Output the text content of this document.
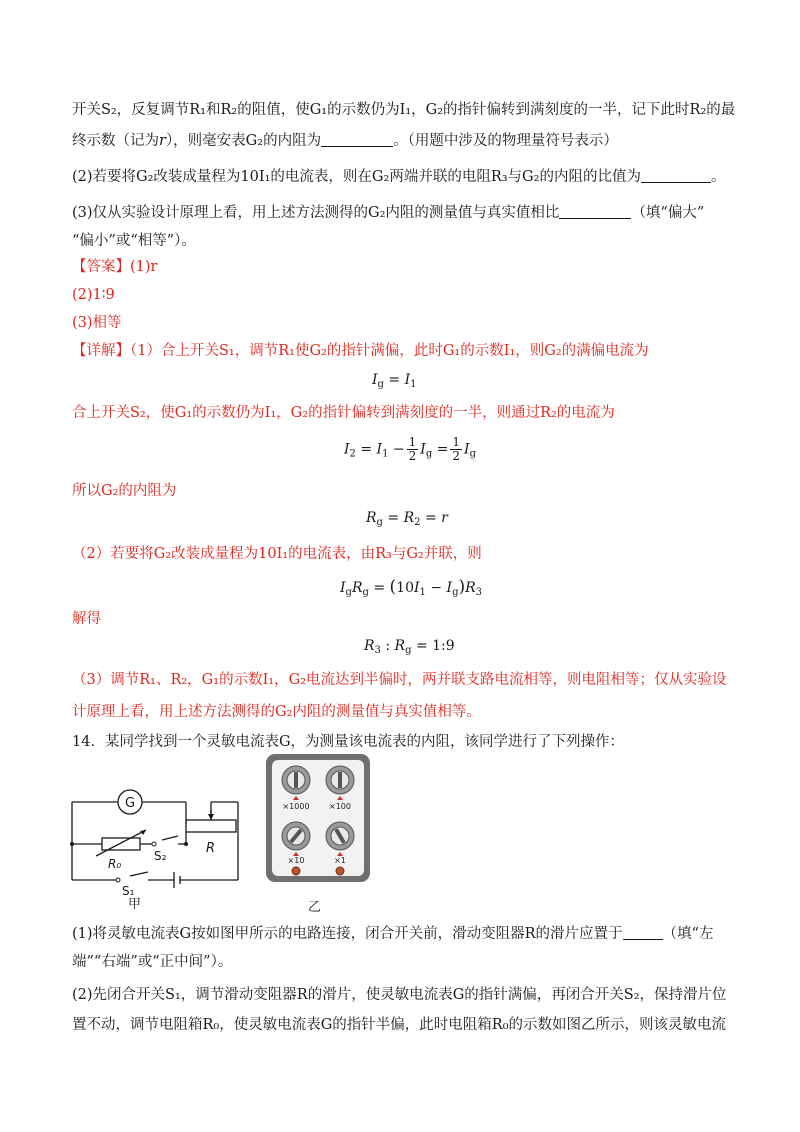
开关S₂，反复调节R₁和R₂的阻值，使G₁的示数仍为I₁，G₂的指针偏转到满刻度的一半，记下此时R₂的最
终示数（记为r），则毫安表G₂的内阻为	。（用题中涉及的物理量符号表示）
(2)若要将G₂改装成量程为10I₁的电流表，则在G₂两端并联的电阻R₃与G₂的内阻的比值为	。
(3)仅从实验设计原理上看，用上述方法测得的G₂内阻的测量值与真实值相比	（填“偏大”
“偏小”或“相等”）。
【答案】(1)r
(2)1∶9
(3)相等
【详解】（1）合上开关S₁，调节R₁使G₂的指针满偏，此时G₁的示数I₁，则G₂的满偏电流为
$I_g = I_1$
合上开关S₂，使G₁的示数仍为I₁，G₂的指针偏转到满刻度的一半，则通过R₂的电流为
$I_2 = I_1 - \frac{1}{2} I_g = \frac{1}{2} I_g$
所以G₂的内阻为
$R_g = R_2 = r$
（2）若要将G₂改装成量程为10I₁的电流表，由R₃与G₂并联，则
$I_gR_g = (10I_1 - I_g)R_3$
解得
$R_3$ : $R_g$ = 1:9
（3）调节R₁、R₂，G₁的示数I₁，G₂电流达到半偏时，两并联支路电流相等，则电阻相等；仅从实验设
计原理上看，用上述方法测得的G₂内阻的测量值与真实值相等。
14．某同学找到一个灵敏电流表G，为测量该电流表的内阻，该同学进行了下列操作：
G
R
R₀
S₂
S₁
甲
×1000 ×100
×10	×1
乙
(1)将灵敏电流表G按如图甲所示的电路连接，闭合开关前，滑动变阻器R的滑片应置于	（填“左
端”“右端”或“正中间”）。
(2)先闭合开关S₁，调节滑动变阻器R的滑片，使灵敏电流表G的指针满偏，再闭合开关S₂，保持滑片位
置不动，调节电阻箱R₀，使灵敏电流表G的指针半偏，此时电阻箱R₀的示数如图乙所示，则该灵敏电流
